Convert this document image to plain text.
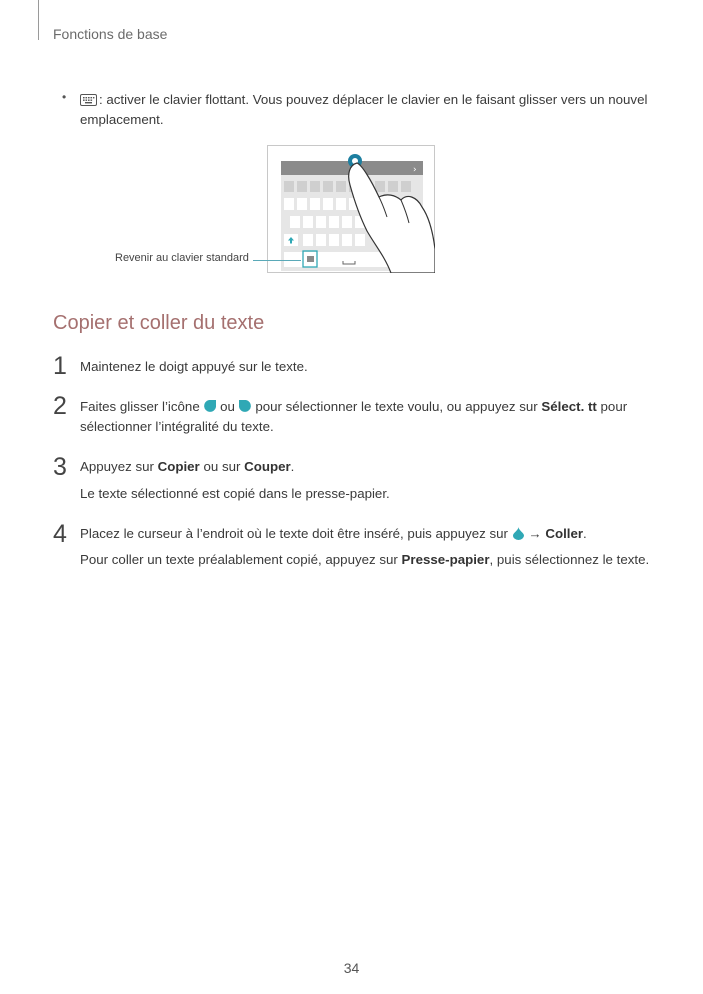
Fonctions de base
•	: activer le clavier flottant. Vous pouvez déplacer le clavier en le faisant glisser vers un nouvel
emplacement.
›
Revenir au clavier standard
Copier et coller du texte
1 Maintenez le doigt appuyé sur le texte.
2 Faites glisser l’icône ou pour sélectionner le texte voulu, ou appuyez sur Sélect. tt pour
sélectionner l’intégralité du texte.
3 Appuyez sur Copier ou sur Couper.
Le texte sélectionné est copié dans le presse-papier.
4 Placez le curseur à l’endroit où le texte doit être inséré, puis appuyez sur → Coller.
Pour coller un texte préalablement copié, appuyez sur Presse-papier, puis sélectionnez le texte.
34
